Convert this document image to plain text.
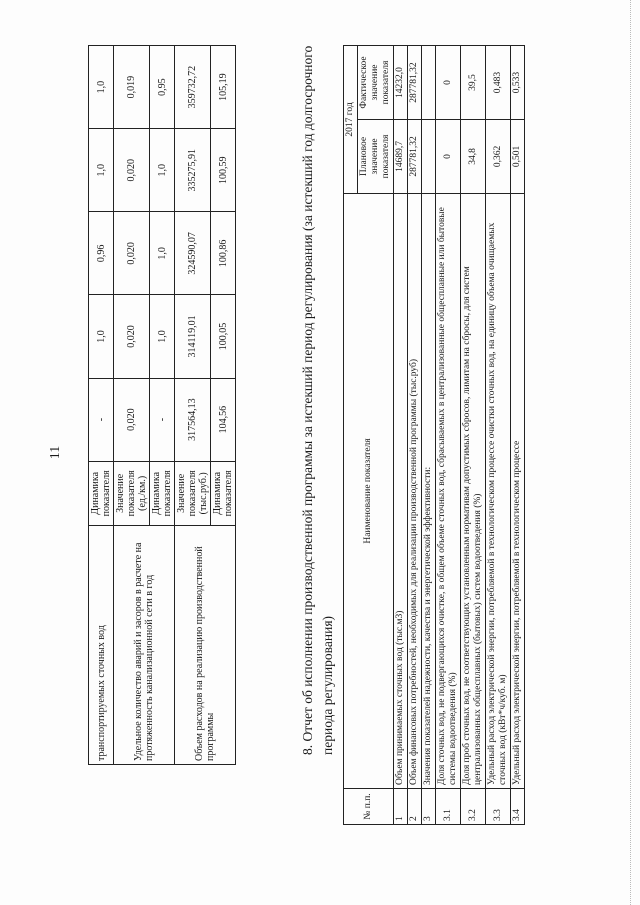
11
транспортируемых сточных вод	Динамика показателя	-	1,0	0,96	1,0	1,0
Удельное количество аварий и засоров в расчете на протяженность канализационной сети в год	Значение показателя (ед./км.)	0,020	0,020	0,020	0,020	0,019
	Динамика показателя	-	1,0	1,0	1,0	0,95
Объем расходов на реализацию производственной программы	Значение показателя (тыс.руб.)	317564,13	314119,01	324590,07	335275,91	359732,72
	Динамика показателя	104,56	100,05	100,86	100,59	105,19	8. Отчет об исполнении производственной программы за истекший период регулирования (за истекший год долгосрочного периода регулирования)
№ п.п.	Наименование показателя	2017 год	
		Плановое значение показателя	Фактическое значение показателя
1	Объем принимаемых сточных вод (тыс.м3)	14689,7	14232,0
2	Объем финансовых потребностей, необходимых для реализации производственной программы (тыс.руб)	287781,32	287781,32
3	Значения показателей надежности, качества и энергетической эффективности:		
3.1	Доля сточных вод, не подвергающихся очистке, в общем объеме сточных вод, сбрасываемых в централизованные общесплавные или бытовые системы водоотведения (%)	0	0
3.2	Доля проб сточных вод, не соответствующих установленным нормативам допустимых сбросов, лимитам на сбросы, для систем централизованных общесплавных (бытовых) систем водоотведения (%)	34,8	39,5
3.3	Удельный расход электрической энергии, потребляемой в технологическом процессе очистки сточных вод, на единицу объема очищаемых сточных вод (кВт*ч/куб. м)	0,362	0,483
3.4	Удельный расход электрической энергии, потребляемой в технологическом процессе	0,501	0,533
